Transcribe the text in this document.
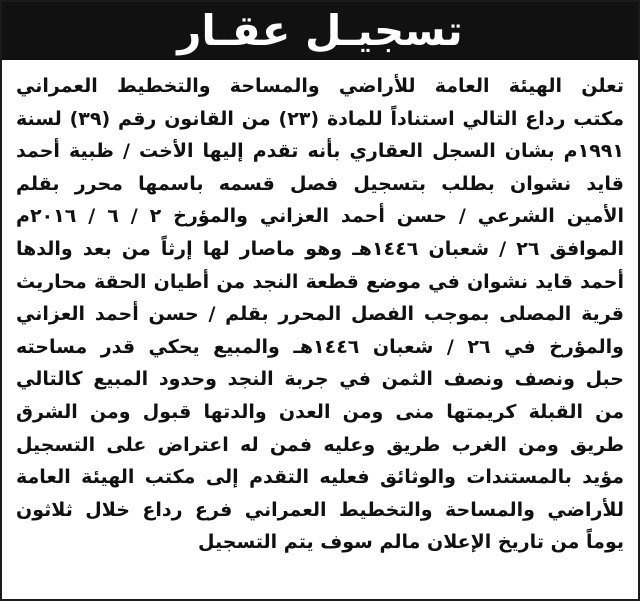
تسجيـل عقـار
تعلن الهيئة العامة للأراضي والمساحة والتخطيط العمراني
مكتب رداع التالي استناداً للمادة (٢٣) من القانون رقم (٣٩) لسنة
١٩٩١م بشان السجل العقاري بأنه تقدم إليها الأخت / ظبية أحمد
قايد نشوان بطلب بتسجيل فصل قسمه باسمها محرر بقلم
الأمين الشرعي / حسن أحمد العزاني والمؤرخ ٢ / ٦ / ٢٠١٦م
الموافق ٢٦ / شعبان ١٤٤٦هـ وهو ماصار لها إرثاً من بعد والدها
أحمد قايد نشوان في موضع قطعة النجد من أطيان الحقة محاريث
قرية المصلى بموجب الفصل المحرر بقلم / حسن أحمد العزاني
والمؤرخ في ٢٦ / شعبان ١٤٤٦هـ والمبيع يحكي قدر مساحته
حبل ونصف ونصف الثمن في جربة النجد وحدود المبيع كالتالي
من القبلة كريمتها منى ومن العدن والدتها قبول ومن الشرق
طريق ومن الغرب طريق وعليه فمن له اعتراض على التسجيل
مؤيد بالمستندات والوثائق فعليه التقدم إلى مكتب الهيئة العامة
للأراضي والمساحة والتخطيط العمراني فرع رداع خلال ثلاثون
يوماً من تاريخ الإعلان مالم سوف يتم التسجيل
